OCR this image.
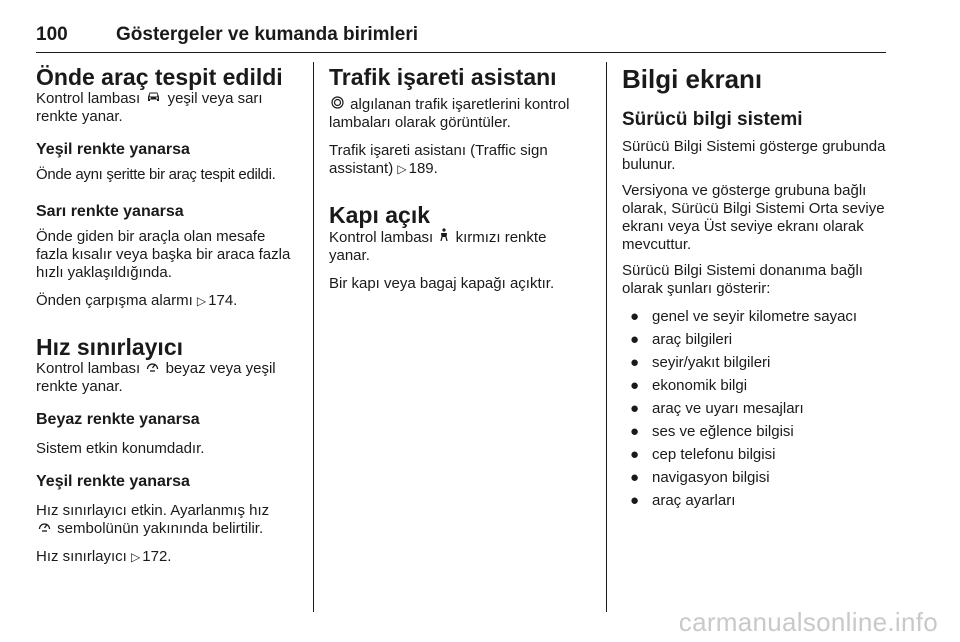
100	Göstergeler ve kumanda birimleri
Önde araç tespit edildi
Kontrol lambası yeşil veya sarı renkte yanar.
Yeşil renkte yanarsa
Önde aynı şeritte bir araç tespit edildi.
Sarı renkte yanarsa
Önde giden bir araçla olan mesafe fazla kısalır veya başka bir araca fazla hızlı yaklaşıldığında.
Önden çarpışma alarmı ▷ 174.
Hız sınırlayıcı
Kontrol lambası beyaz veya yeşil renkte yanar.
Beyaz renkte yanarsa
Sistem etkin konumdadır.
Yeşil renkte yanarsa
Hız sınırlayıcı etkin. Ayarlanmış hız
sembolünün yakınında belirtilir.
Hız sınırlayıcı ▷ 172.
Trafik işareti asistanı
algılanan trafik işaretlerini kontrol lambaları olarak görüntüler.
Trafik işareti asistanı (Traffic sign assistant) ▷ 189.
Kapı açık
Kontrol lambası kırmızı renkte yanar.
Bir kapı veya bagaj kapağı açıktır.
Bilgi ekranı
Sürücü bilgi sistemi
Sürücü Bilgi Sistemi gösterge grubunda bulunur.
Versiyona ve gösterge grubuna bağlı olarak, Sürücü Bilgi Sistemi Orta seviye ekranı veya Üst seviye ekranı olarak mevcuttur.
Sürücü Bilgi Sistemi donanıma bağlı olarak şunları gösterir:
● genel ve seyir kilometre sayacı
● araç bilgileri
● seyir/yakıt bilgileri
● ekonomik bilgi
● araç ve uyarı mesajları
● ses ve eğlence bilgisi
● cep telefonu bilgisi
● navigasyon bilgisi
● araç ayarları
carmanualsonline.info
